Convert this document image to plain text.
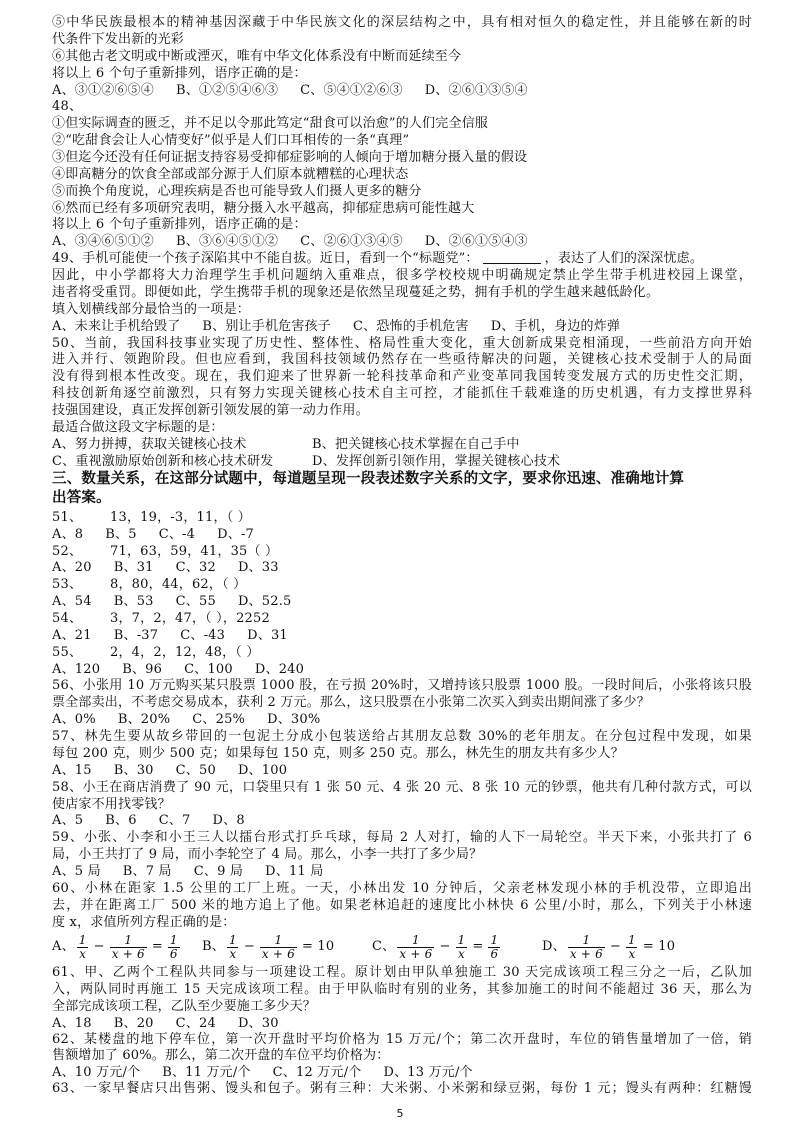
⑤中华民族最根本的精神基因深藏于中华民族文化的深层结构之中，具有相对恒久的稳定性，并且能够在新的时
代条件下发出新的光彩
⑥其他古老文明或中断或湮灭，唯有中华文化体系没有中断而延续至今
将以上 6 个句子重新排列，语序正确的是：
A、③①②⑥⑤④ B、①②⑤④⑥③ C、⑤④①②⑥③ D、②⑥①③⑤④
48、
①但实际调查的匮乏，并不足以令那此笃定“甜食可以治愈”的人们完全信服
②“吃甜食会让人心情变好”似乎是人们口耳相传的一条“真理”
③但迄今还没有任何证据支持容易受抑郁症影响的人倾向于增加糖分摄入量的假设
④即高糖分的饮食全部或部分源于人们原本就糟糕的心理状态
⑤而换个角度说，心理疾病是否也可能导致人们摄人更多的糖分
⑥然而已经有多项研究表明，糖分摄入水平越高，抑郁症患病可能性越大
将以上 6 个句子重新排列，语序正确的是：
A、③④⑥⑤①② B、③⑥④⑤①② C、②⑥①③④⑤ D、②⑥①⑤④③
49、手机可能使一个孩子深陷其中不能自拔。近日，看到一个“标题党”：	，表达了人们的深深忧虑。
因此，中小学都将大力治理学生手机问题纳入重难点，很多学校校规中明确规定禁止学生带手机进校园上课堂，
违者将受重罚。即便如此，学生携带手机的现象还是依然呈现蔓延之势，拥有手机的学生越来越低龄化。
填入划横线部分最恰当的一项是：
A、未来让手机给毁了 B、别让手机危害孩子 C、恐怖的手机危害 D、手机，身边的炸弹
50、当前，我国科技事业实现了历史性、整体性、格局性重大变化，重大创新成果竞相涌现，一些前沿方向开始
进入并行、领跑阶段。但也应看到，我国科技领域仍然存在一些亟待解决的问题，关键核心技术受制于人的局面
没有得到根本性改变。现在，我们迎来了世界新一轮科技革命和产业变革同我国转变发展方式的历史性交汇期，
科技创新角逐空前激烈，只有努力实现关键核心技术自主可控，才能抓住千载难逢的历史机遇，有力支撑世界科
技强国建设，真正发挥创新引领发展的第一动力作用。
最适合做这段文字标题的是：
A、努力拼搏，获取关键核心技术	B、把关键核心技术掌握在自己手中
C、重视激励原始创新和核心技术研发	D、发挥创新引领作用，掌握关键核心技术
三、数量关系，在这部分试题中，每道题呈现一段表述数字关系的文字，要求你迅速、准确地计算
出答案。
51、 13，19，-3，11，（ ）
A、8 B、5 C、-4 D、-7
52、 71，63，59，41，35（ ）
A、20 B、31 C、32 D、33
53、 8，80，44，62，（ ）
A、54 B、53 C、55 D、52.5
54、 3，7，2，47，（ ），2252
A、21 B、-37 C、-43 D、31
55、 2，4，2，12，48，（ ）
A、120 B、96 C、100 D、240
56、小张用 10 万元购买某只股票 1000 股，在亏损 20%时，又增持该只股票 1000 股。一段时间后，小张将该只股
票全部卖出，不考虑交易成本，获利 2 万元。那么，这只股票在小张第二次买入到卖出期间涨了多少？
A、0% B、20% C、25% D、30%
57、林先生要从故乡带回的一包泥土分成小包装送给占其朋友总数 30%的老年朋友。在分包过程中发现，如果
每包 200 克，则少 500 克；如果每包 150 克，则多 250 克。那么，林先生的朋友共有多少人？
A、15 B、30 C、50 D、100
58、小王在商店消费了 90 元，口袋里只有 1 张 50 元、4 张 20 元、8 张 10 元的钞票，他共有几种付款方式，可以
使店家不用找零钱？
A、5 B、6 C、7 D、8
59、小张、小李和小王三人以擂台形式打乒乓球，每局 2 人对打，输的人下一局轮空。半天下来，小张共打了 6
局，小王共打了 9 局，而小李轮空了 4 局。那么，小李一共打了多少局？
A、5 局 B、7 局 C、9 局 D、11 局
60、小林在距家 1.5 公里的工厂上班。一天，小林出发 10 分钟后，父亲老林发现小林的手机没带，立即追出
去，并在距离工厂 500 米的地方追上了他。如果老林追赶的速度比小林快 6 公里/小时，那么，下列关于小林速
度 x，求值所列方程正确的是：
A、 $\frac{1}{x} - \frac{1}{x + 6} = \frac{1}{6}$ B、 $\frac{1}{x} - \frac{1}{x + 6} = 10$	C、 $\frac{1}{x + 6} - \frac{1}{x} = \frac{1}{6}$	D、 $\frac{1}{x + 6} - \frac{1}{x} = 10$
61、甲、乙两个工程队共同参与一项建设工程。原计划由甲队单独施工 30 天完成该项工程三分之一后，乙队加
入，两队同时再施工 15 天完成该项工程。由于甲队临时有别的业务，其参加施工的时间不能超过 36 天，那么为
全部完成该项工程，乙队至少要施工多少天？
5
A、18 B、20 C、24 D、30
62、某楼盘的地下停车位，第一次开盘时平均价格为 15 万元/个；第二次开盘时，车位的销售量增加了一倍，销
售额增加了 60%。那么，第二次开盘的车位平均价格为：
A、10 万元/个 B、11 万元/个 C、12 万元/个 D、13 万元/个
63、一家早餐店只出售粥、馒头和包子。粥有三种：大米粥、小米粥和绿豆粥，每份 1 元；馒头有两种：红糖馒
